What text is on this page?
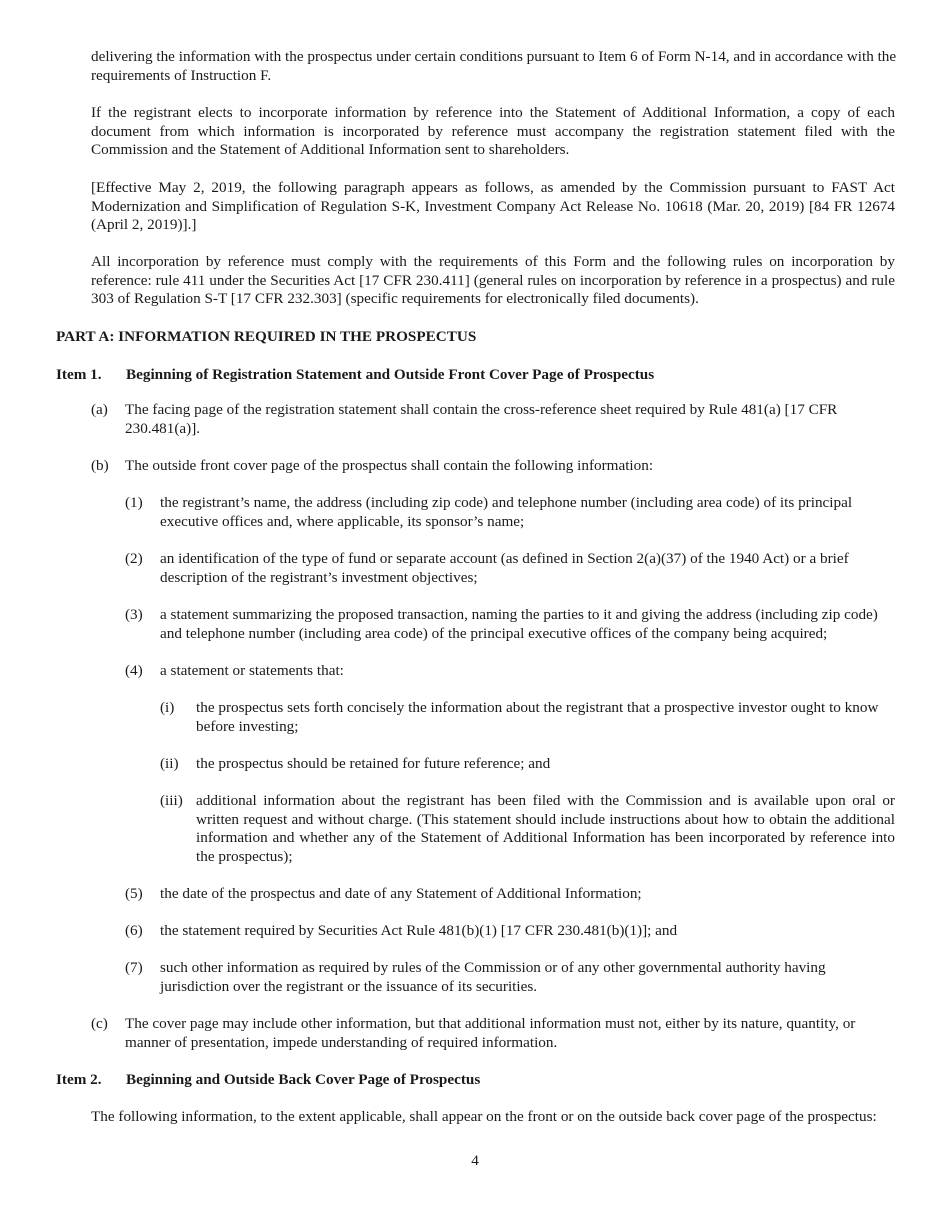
delivering the information with the prospectus under certain conditions pursuant to Item 6 of Form N-14, and in accordance with the requirements of Instruction F.

If the registrant elects to incorporate information by reference into the Statement of Additional Information, a copy of each document from which information is incorporated by reference must accompany the registration statement filed with the Commission and the Statement of Additional Information sent to shareholders.

[Effective May 2, 2019, the following paragraph appears as follows, as amended by the Commission pursuant to FAST Act Modernization and Simplification of Regulation S-K, Investment Company Act Release No. 10618 (Mar. 20, 2019) [84 FR 12674 (April 2, 2019)].]

All incorporation by reference must comply with the requirements of this Form and the following rules on incorporation by reference: rule 411 under the Securities Act [17 CFR 230.411] (general rules on incorporation by reference in a prospectus) and rule 303 of Regulation S-T [17 CFR 232.303] (specific requirements for electronically filed documents).

PART A: INFORMATION REQUIRED IN THE PROSPECTUS

Item 1. Beginning of Registration Statement and Outside Front Cover Page of Prospectus
(a) The facing page of the registration statement shall contain the cross-reference sheet required by Rule 481(a) [17 CFR 230.481(a)].

(b) The outside front cover page of the prospectus shall contain the following information:

(1) the registrant’s name, the address (including zip code) and telephone number (including area code) of its principal executive offices and, where applicable, its sponsor’s name;

(2) an identification of the type of fund or separate account (as defined in Section 2(a)(37) of the 1940 Act) or a brief description of the registrant’s investment objectives;

(3) a statement summarizing the proposed transaction, naming the parties to it and giving the address (including zip code) and telephone number (including area code) of the principal executive offices of the company being acquired;

(4) a statement or statements that:

(i) the prospectus sets forth concisely the information about the registrant that a prospective investor ought to know before investing;

(ii) the prospectus should be retained for future reference; and

(iii) additional information about the registrant has been filed with the Commission and is available upon oral or written request and without charge. (This statement should include instructions about how to obtain the additional information and whether any of the Statement of Additional Information has been incorporated by reference into the prospectus);

(5) the date of the prospectus and date of any Statement of Additional Information;

(6) the statement required by Securities Act Rule 481(b)(1) [17 CFR 230.481(b)(1)]; and

(7) such other information as required by rules of the Commission or of any other governmental authority having jurisdiction over the registrant or the issuance of its securities.

(c) The cover page may include other information, but that additional information must not, either by its nature, quantity, or manner of presentation, impede understanding of required information.

Item 2. Beginning and Outside Back Cover Page of Prospectus

The following information, to the extent applicable, shall appear on the front or on the outside back cover page of the prospectus:

4
